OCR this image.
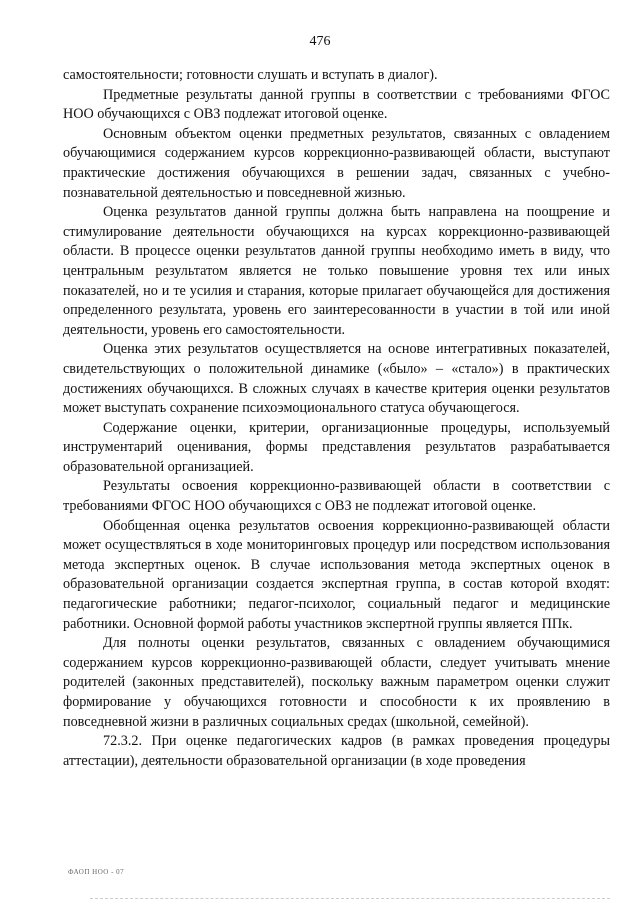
476

самостоятельности; готовности слушать и вступать в диалог).

Предметные результаты данной группы в соответствии с требованиями ФГОС НОО обучающихся с ОВЗ подлежат итоговой оценке.

Основным объектом оценки предметных результатов, связанных с овладением обучающимися содержанием курсов коррекционно-развивающей области, выступают практические достижения обучающихся в решении задач, связанных с учебно-познавательной деятельностью и повседневной жизнью.

Оценка результатов данной группы должна быть направлена на поощрение и стимулирование деятельности обучающихся на курсах коррекционно-развивающей области. В процессе оценки результатов данной группы необходимо иметь в виду, что центральным результатом является не только повышение уровня тех или иных показателей, но и те усилия и старания, которые прилагает обучающейся для достижения определенного результата, уровень его заинтересованности в участии в той или иной деятельности, уровень его самостоятельности.

Оценка этих результатов осуществляется на основе интегративных показателей, свидетельствующих о положительной динамике («было» – «стало») в практических достижениях обучающихся. В сложных случаях в качестве критерия оценки результатов может выступать сохранение психоэмоционального статуса обучающегося.

Содержание оценки, критерии, организационные процедуры, используемый инструментарий оценивания, формы представления результатов разрабатывается образовательной организацией.

Результаты освоения коррекционно-развивающей области в соответствии с требованиями ФГОС НОО обучающихся с ОВЗ не подлежат итоговой оценке.

Обобщенная оценка результатов освоения коррекционно-развивающей области может осуществляться в ходе мониторинговых процедур или посредством использования метода экспертных оценок. В случае использования метода экспертных оценок в образовательной организации создается экспертная группа, в состав которой входят: педагогические работники; педагог-психолог, социальный педагог и медицинские работники. Основной формой работы участников экспертной группы является ППк.

Для полноты оценки результатов, связанных с овладением обучающимися содержанием курсов коррекционно-развивающей области, следует учитывать мнение родителей (законных представителей), поскольку важным параметром оценки служит формирование у обучающихся готовности и способности к их проявлению в повседневной жизни в различных социальных средах (школьной, семейной).

72.3.2. При оценке педагогических кадров (в рамках проведения процедуры аттестации), деятельности образовательной организации (в ходе проведения

ФАОП НОО - 07
